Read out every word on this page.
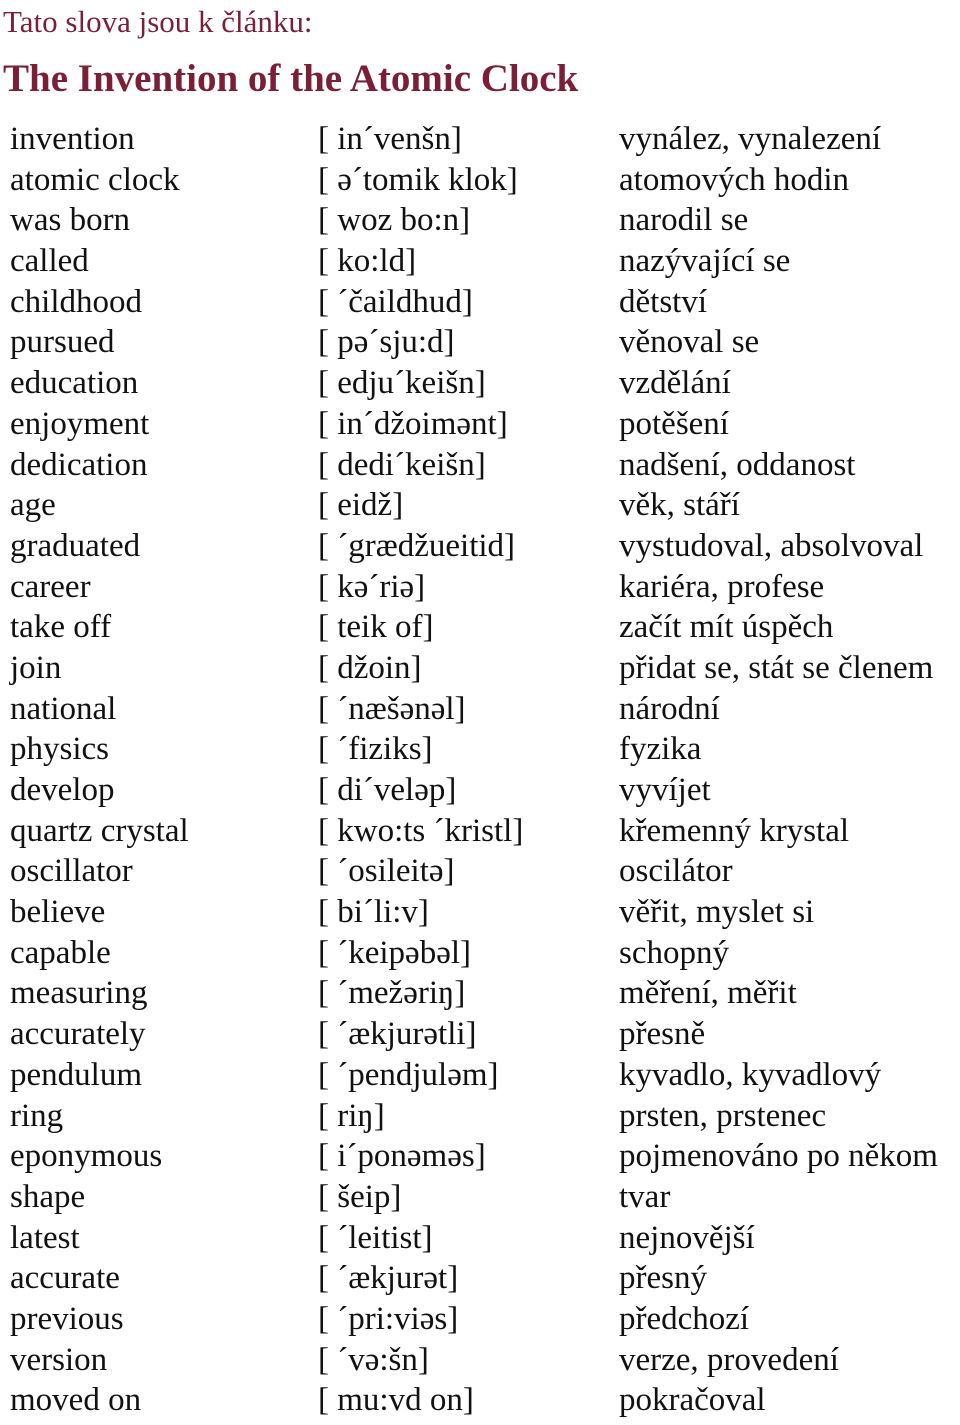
Tato slova jsou k článku:
The Invention of the Atomic Clock
invention	[ in´venšn]	vynález, vynalezení
atomic clock	[ ə´tomik klok]	atomových hodin
was born	[ woz bo:n]	narodil se
called	[ ko:ld]	nazývající se
childhood	[ ´čaildhud]	dětství
pursued	[ pə´sju:d]	věnoval se
education	[ edju´keišn]	vzdělání
enjoyment	[ in´džoimənt]	potěšení
dedication	[ dedi´keišn]	nadšení, oddanost
age	[ eidž]	věk, stáří
graduated	[ ´grædžueitid]	vystudoval, absolvoval
career	[ kə´riə]	kariéra, profese
take off	[ teik of]	začít mít úspěch
join	[ džoin]	přidat se, stát se členem
national	[ ´næšənəl]	národní
physics	[ ´fiziks]	fyzika
develop	[ di´veləp]	vyvíjet
quartz crystal	[ kwo:ts ´kristl]	křemenný krystal
oscillator	[ ´osileitə]	oscilátor
believe	[ bi´li:v]	věřit, myslet si
capable	[ ´keipəbəl]	schopný
measuring	[ ´mežəriŋ]	měření, měřit
accurately	[ ´ækjurətli]	přesně
pendulum	[ ´pendjuləm]	kyvadlo, kyvadlový
ring	[ riŋ]	prsten, prstenec
eponymous	[ i´ponəməs]	pojmenováno po někom
shape	[ šeip]	tvar
latest	[ ´leitist]	nejnovější
accurate	[ ´ækjurət]	přesný
previous	[ ´pri:viəs]	předchozí
version	[ ´və:šn]	verze, provedení
moved on	[ mu:vd on]	pokračoval
